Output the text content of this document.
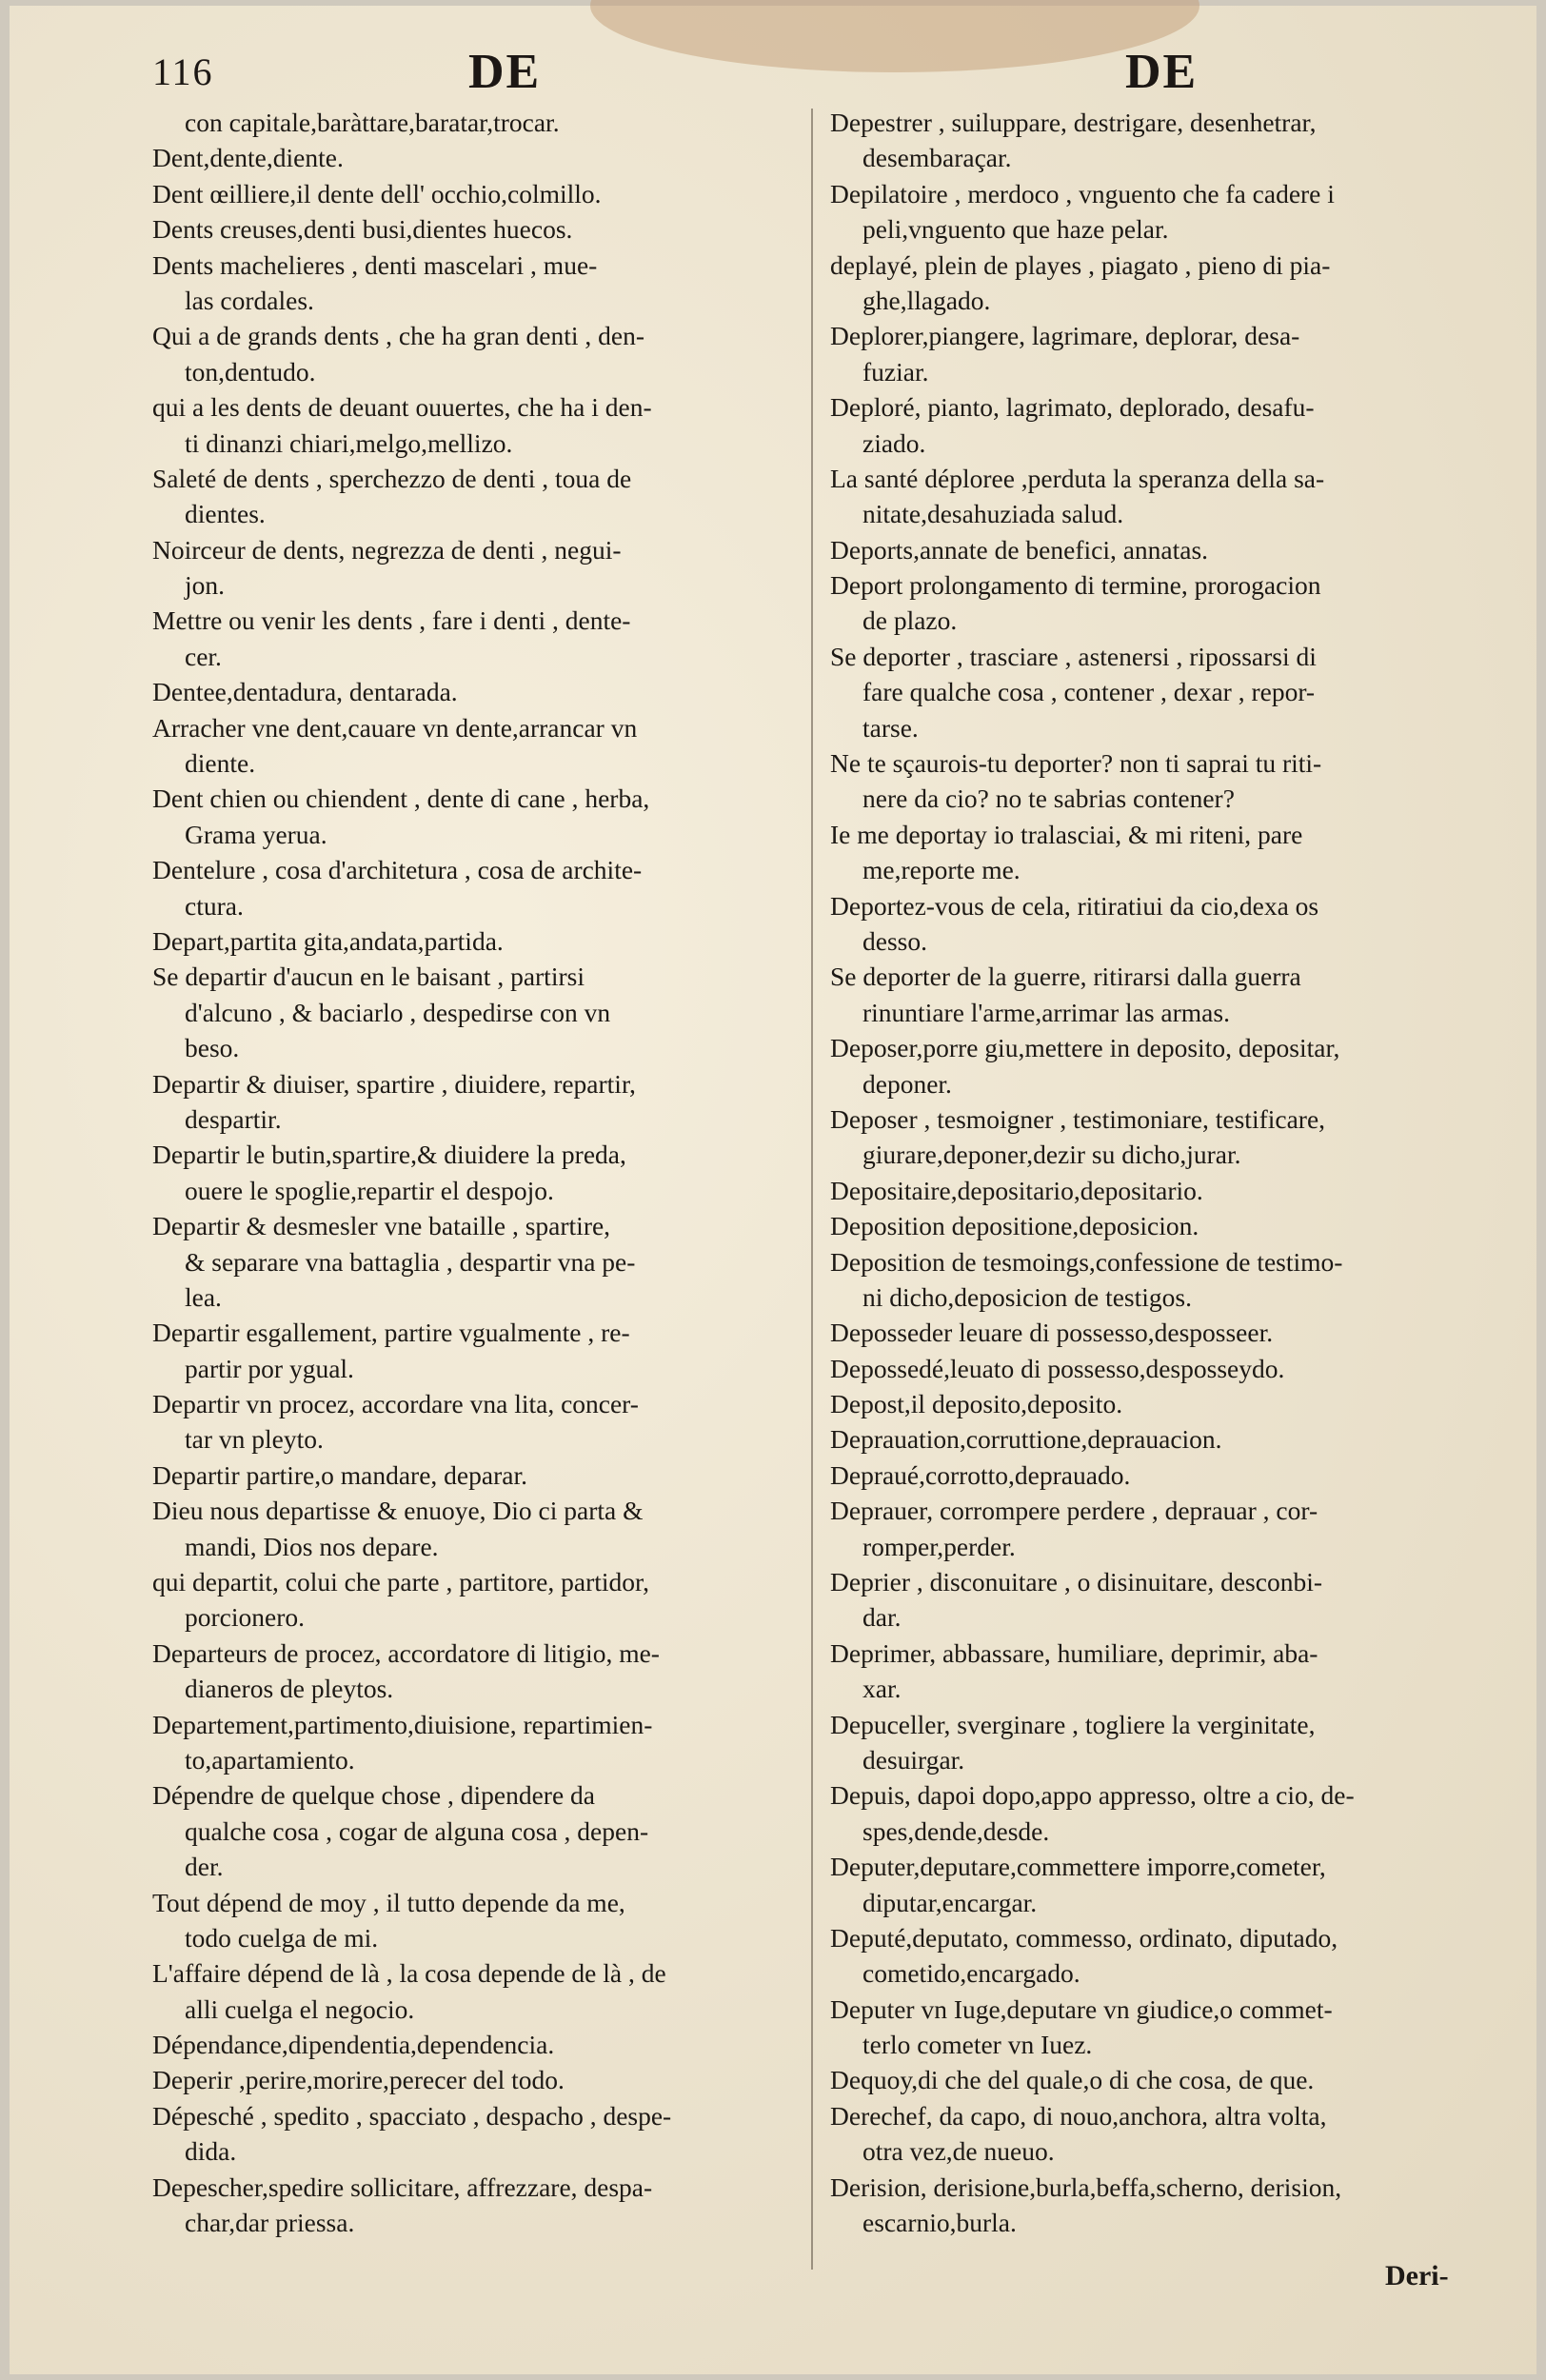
116	DE	DE
con capitale,baràttare,baratar,trocar.
Dent,dente,diente.
Dent œilliere,il dente dell' occhio,colmillo.
Dents creuses,denti busi,dientes huecos.
Dents machelieres , denti mascelari , mue-
las cordales.
Qui a de grands dents , che ha gran denti , den-
ton,dentudo.
qui a les dents de deuant ouuertes, che ha i den-
ti dinanzi chiari,melgo,mellizo.
Saleté de dents , sperchezzo de denti , toua de
dientes.
Noirceur de dents, negrezza de denti , negui-
jon.
Mettre ou venir les dents , fare i denti , dente-
cer.
Dentee,dentadura, dentarada.
Arracher vne dent,cauare vn dente,arrancar vn
diente.
Dent chien ou chiendent , dente di cane , herba,
Grama yerua.
Dentelure , cosa d'architetura , cosa de archite-
ctura.
Depart,partita gita,andata,partida.
Se departir d'aucun en le baisant , partirsi
d'alcuno , & baciarlo , despedirse con vn
beso.
Departir & diuiser, spartire , diuidere, repartir,
despartir.
Departir le butin,spartire,& diuidere la preda,
ouere le spoglie,repartir el despojo.
Departir & desmesler vne bataille , spartire,
& separare vna battaglia , despartir vna pe-
lea.
Departir esgallement, partire vgualmente , re-
partir por ygual.
Departir vn procez, accordare vna lita, concer-
tar vn pleyto.
Departir partire,o mandare, deparar.
Dieu nous departisse & enuoye, Dio ci parta &
mandi, Dios nos depare.
qui departit, colui che parte , partitore, partidor,
porcionero.
Departeurs de procez, accordatore di litigio, me-
dianeros de pleytos.
Departement,partimento,diuisione, repartimien-
to,apartamiento.
Dépendre de quelque chose , dipendere da
qualche cosa , cogar de alguna cosa , depen-
der.
Tout dépend de moy , il tutto depende da me,
todo cuelga de mi.
L'affaire dépend de là , la cosa depende de là , de
alli cuelga el negocio.
Dépendance,dipendentia,dependencia.
Deperir ,perire,morire,perecer del todo.
Dépesché , spedito , spacciato , despacho , despe-
dida.
Depescher,spedire sollicitare, affrezzare, despa-
char,dar priessa.
Depestrer , suiluppare, destrigare, desenhetrar,
desembaraçar.
Depilatoire , merdoco , vnguento che fa cadere i
peli,vnguento que haze pelar.
deplayé, plein de playes , piagato , pieno di pia-
ghe,llagado.
Deplorer,piangere, lagrimare, deplorar, desa-
fuziar.
Deploré, pianto, lagrimato, deplorado, desafu-
ziado.
La santé déploree ,perduta la speranza della sa-
nitate,desahuziada salud.
Deports,annate de benefici, annatas.
Deport prolongamento di termine, prorogacion
de plazo.
Se deporter , trasciare , astenersi , ripossarsi di
fare qualche cosa , contener , dexar , repor-
tarse.
Ne te sçaurois-tu deporter? non ti saprai tu riti-
nere da cio? no te sabrias contener?
Ie me deportay io tralasciai, & mi riteni, pare
me,reporte me.
Deportez-vous de cela, ritiratiui da cio,dexa os
desso.
Se deporter de la guerre, ritirarsi dalla guerra
rinuntiare l'arme,arrimar las armas.
Deposer,porre giu,mettere in deposito, depositar,
deponer.
Deposer , tesmoigner , testimoniare, testificare,
giurare,deponer,dezir su dicho,jurar.
Depositaire,depositario,depositario.
Deposition depositione,deposicion.
Deposition de tesmoings,confessione de testimo-
ni dicho,deposicion de testigos.
Deposseder leuare di possesso,desposseer.
Depossedé,leuato di possesso,desposseydo.
Depost,il deposito,deposito.
Deprauation,corruttione,deprauacion.
Depraué,corrotto,deprauado.
Deprauer, corrompere perdere , deprauar , cor-
romper,perder.
Deprier , disconuitare , o disinuitare, desconbi-
dar.
Deprimer, abbassare, humiliare, deprimir, aba-
xar.
Depuceller, sverginare , togliere la verginitate,
desuirgar.
Depuis, dapoi dopo,appo appresso, oltre a cio, de-
spes,dende,desde.
Deputer,deputare,commettere imporre,cometer,
diputar,encargar.
Deputé,deputato, commesso, ordinato, diputado,
cometido,encargado.
Deputer vn Iuge,deputare vn giudice,o commet-
terlo cometer vn Iuez.
Dequoy,di che del quale,o di che cosa, de que.
Derechef, da capo, di nouo,anchora, altra volta,
otra vez,de nueuo.
Derision, derisione,burla,beffa,scherno, derision,
escarnio,burla.
Deri-
